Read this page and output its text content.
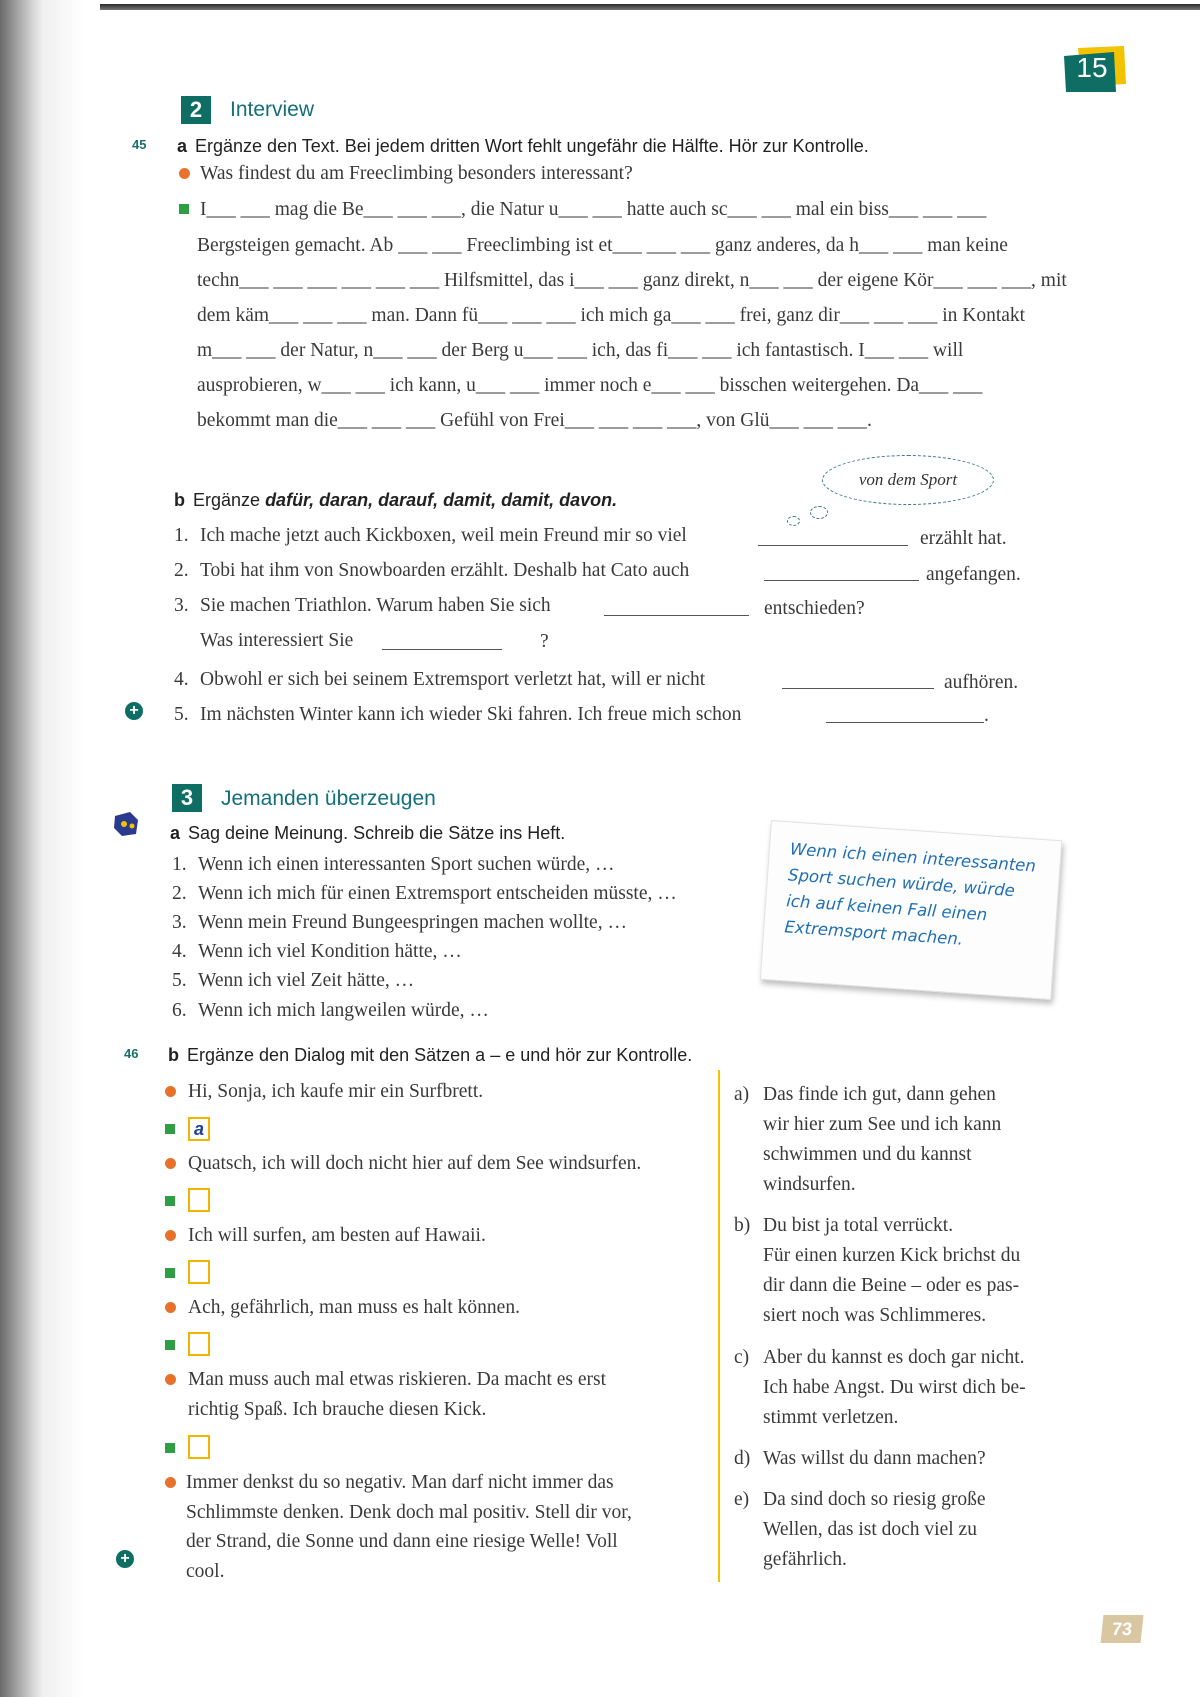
15
2	Interview
45 a Ergänze den Text. Bei jedem dritten Wort fehlt ungefähr die Hälfte. Hör zur Kontrolle.
Was findest du am Freeclimbing besonders interessant?
I___ ___ mag die Be___ ___ ___, die Natur u___ ___ hatte auch sc___ ___ mal ein biss___ ___ ___
Bergsteigen gemacht. Ab ___ ___ Freeclimbing ist et___ ___ ___ ganz anderes, da h___ ___ man keine
techn___ ___ ___ ___ ___ ___ Hilfsmittel, das i___ ___ ganz direkt, n___ ___ der eigene Kör___ ___ ___, mit
dem käm___ ___ ___ man. Dann fü___ ___ ___ ich mich ga___ ___ frei, ganz dir___ ___ ___ in Kontakt
m___ ___ der Natur, n___ ___ der Berg u___ ___ ich, das fi___ ___ ich fantastisch. I___ ___ will
ausprobieren, w___ ___ ich kann, u___ ___ immer noch e___ ___ bisschen weitergehen. Da___ ___
bekommt man die___ ___ ___ Gefühl von Frei___ ___ ___ ___, von Glü___ ___ ___.
von dem Sport
b Ergänze dafür, daran, darauf, damit, damit, davon.
1. Ich mache jetzt auch Kickboxen, weil mein Freund mir so viel	erzählt hat.
2. Tobi hat ihm von Snowboarden erzählt. Deshalb hat Cato auch	angefangen.
3. Sie machen Triathlon. Warum haben Sie sich	entschieden?
Was interessiert Sie	?
4. Obwohl er sich bei seinem Extremsport verletzt hat, will er nicht	aufhören.
+ 5. Im nächsten Winter kann ich wieder Ski fahren. Ich freue mich schon	.
3	Jemanden überzeugen
a Sag deine Meinung. Schreib die Sätze ins Heft.
1. Wenn ich einen interessanten Sport suchen würde, …
2. Wenn ich mich für einen Extremsport entscheiden müsste, …
3. Wenn mein Freund Bungeespringen machen wollte, …
4. Wenn ich viel Kondition hätte, …
5. Wenn ich viel Zeit hätte, …
6. Wenn ich mich langweilen würde, …
Wenn ich einen interessanten
Sport suchen würde, würde
ich auf keinen Fall einen
Extremsport machen.
46 b Ergänze den Dialog mit den Sätzen a – e und hör zur Kontrolle.
Hi, Sonja, ich kaufe mir ein Surfbrett.
a
Quatsch, ich will doch nicht hier auf dem See windsurfen.
Ich will surfen, am besten auf Hawaii.
Ach, gefährlich, man muss es halt können.
Man muss auch mal etwas riskieren. Da macht es erst
richtig Spaß. Ich brauche diesen Kick.
Immer denkst du so negativ. Man darf nicht immer das
Schlimmste denken. Denk doch mal positiv. Stell dir vor,
der Strand, die Sonne und dann eine riesige Welle! Voll
cool.
+
a) Das finde ich gut, dann gehen
wir hier zum See und ich kann
schwimmen und du kannst
windsurfen.
b) Du bist ja total verrückt.
Für einen kurzen Kick brichst du
dir dann die Beine – oder es pas-
siert noch was Schlimmeres.
c) Aber du kannst es doch gar nicht.
Ich habe Angst. Du wirst dich be-
stimmt verletzen.
d) Was willst du dann machen?
e) Da sind doch so riesig große
Wellen, das ist doch viel zu
gefährlich.
73
